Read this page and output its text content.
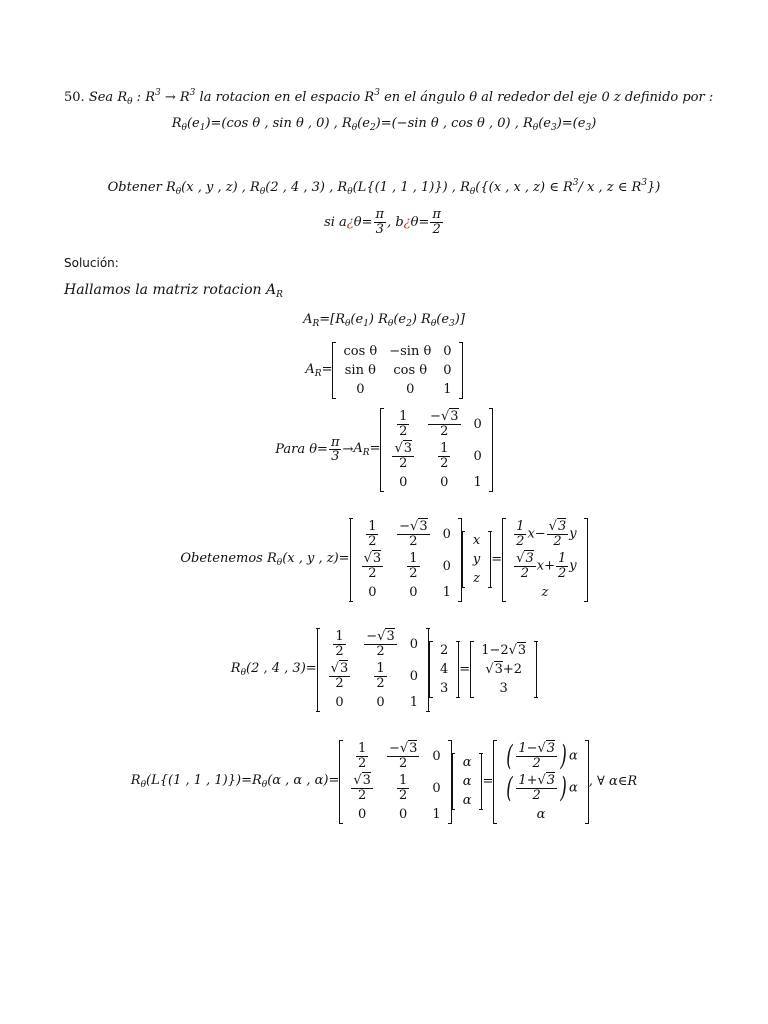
50. Sea $R_\theta$ : $R^3 \to R^3$ la rotacion en el espacio $R^3$ en el ángulo θ al rededor del eje 0 z definido por :
$R_\theta(e_1)=(\cos$ θ , sin θ , 0) , $R_\theta(e_2)=(-\sin$ θ , cos θ , 0) , $R_\theta(e_3)=(e_3)$
Obtener $R_\theta(x$ , y , z) , $R_\theta(2$ , 4 , 3) , $R_\theta(L\{(1$ , 1 , 1)}) , $R_\theta(\{(x$ , x , z) ∈ $R^3/$ x , z ∈ $R^3$})
si a¿θ= $\frac{\pi}{3}$ , b¿θ= $\frac{\pi}{2}$
Solución:
Hallamos la matriz rotacion $A_R$
$A_R=[R_\theta(e_1)$ $R_\theta(e_2)$ $R_\theta(e_3)$]
$A_R=$
cos θ	−sin θ	0
sin θ	cos θ	0
0	0	1
Para $\theta= \frac{\pi}{3} \to A_R=$
$\frac{1}{2}$	$\frac{-√3}{2}$	0

$\frac{√3}{2}$	$\frac{1}{2}$	0
0	0	1
Obetenemos $R_\theta(x$ , y , z)=
$\frac{1}{2}$	$\frac{-√3}{2}$	0

$\frac{√3}{2}$	$\frac{1}{2}$	0
0	0	1
x
y
z
=
$\frac{1}{2} x- \frac{√3}{2}$ y

$\frac{√3}{2} x+ \frac{1}{2}$ y
z
$R_\theta(2$ , 4 , 3)=
$\frac{1}{2}$	$\frac{-√3}{2}$	0

$\frac{√3}{2}$	$\frac{1}{2}$	0
0	0	1
2
4
3
=
1−2√3
√3+2
3
$R_\theta(L\{(1$ , 1 , $1)\})=R_\theta(\alpha$ , α , α)=
$\frac{1}{2}$	$\frac{-√3}{2}$	0

$\frac{√3}{2}$	$\frac{1}{2}$	0
0	0	1
α
α
α
=
( $\frac{1-√3}{2}$ ) α
( $\frac{1+√3}{2}$ ) α
α
, ∀ α∈R
